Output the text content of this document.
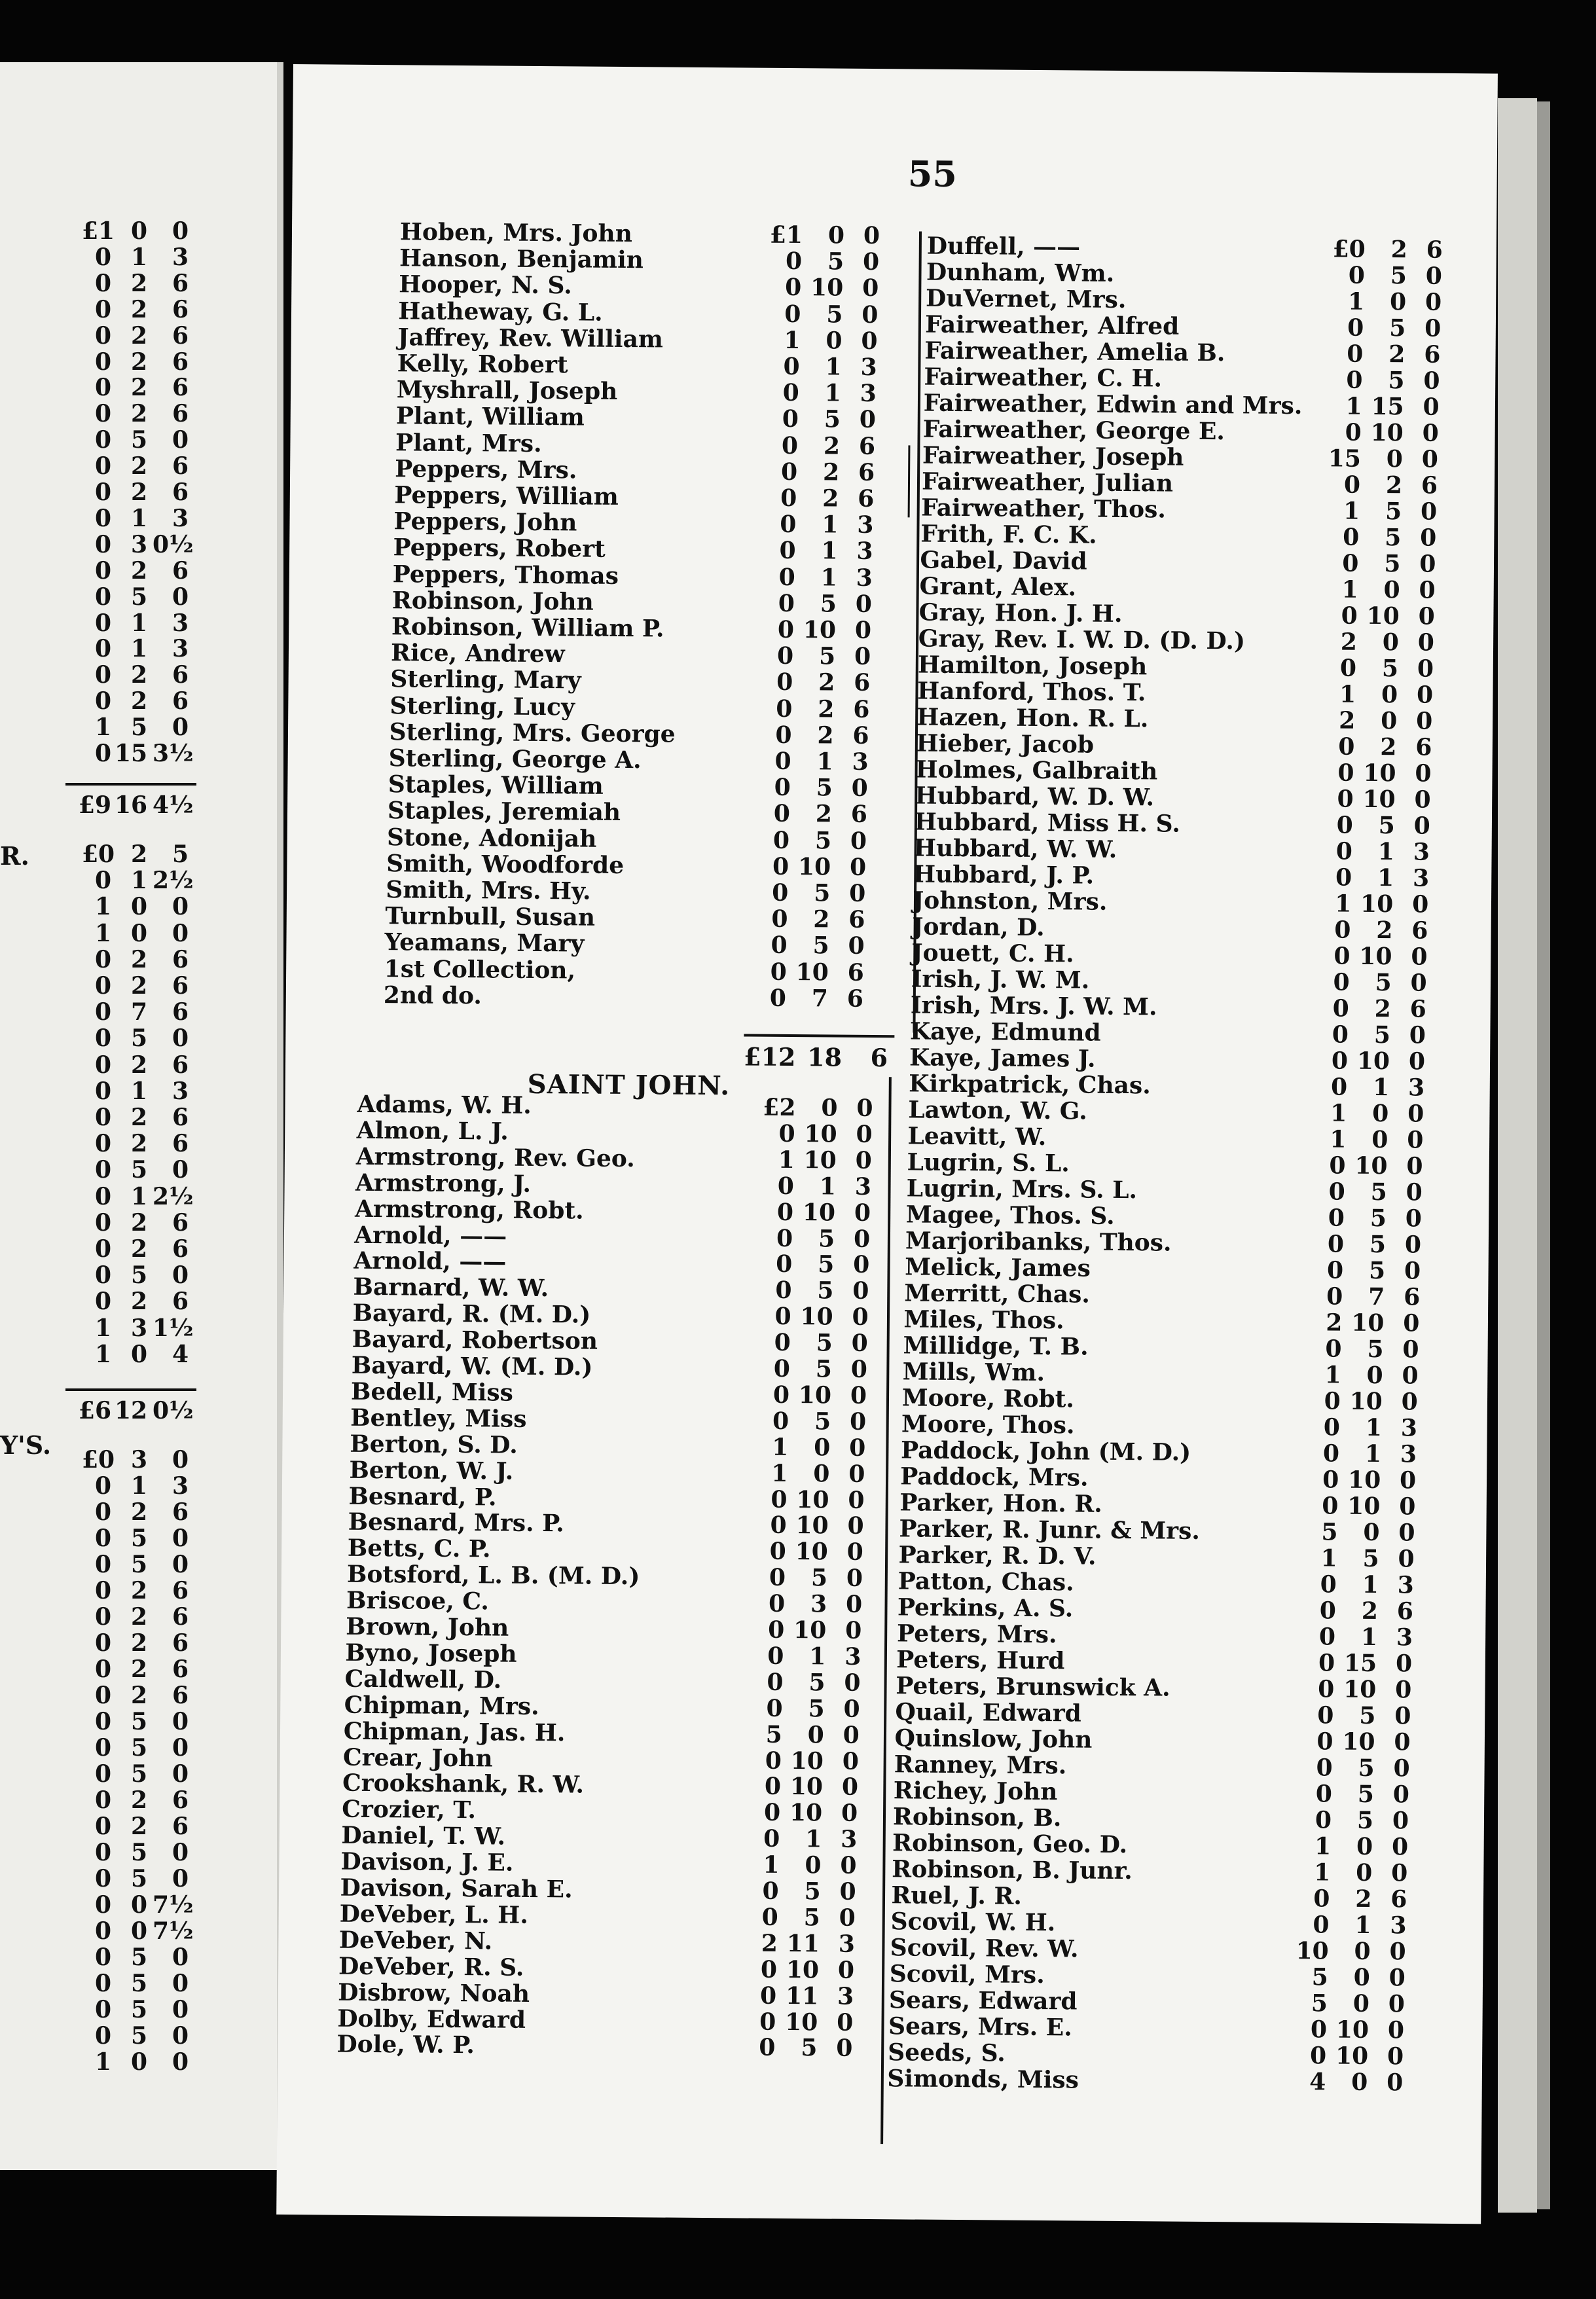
£1 0	0
0 1	3
0 2	6
0 2	6
0 2	6
0 2	6
0 2	6
0 2	6
0 5	0
0 2	6
0 2	6
0 1	3
0 3 0½
0 2	6
0 5	0
0 1	3
0 1	3
0 2	6
0 2	6
1 5	0
0 15 3½
£9 16 4½
£0 2	5
0 1 2½
1 0	0
1 0	0
0 2	6
0 2	6
0 7	6
0 5	0
0 2	6
0 1	3
0 2	6
0 2	6
0 5	0
0 1 2½
0 2	6
0 2	6
0 5	0
0 2	6
1 3 1½
1 0	4
£6 12 0½
£0 3	0
0 1	3
0 2	6
0 5	0
0 5	0
0 2	6
0 2	6
0 2	6
0 2	6
0 2	6
0 5	0
0 5	0
0 5	0
0 2	6
0 2	6
0 5	0
0 5	0
0 0 7½
0 0 7½
0 5	0
0 5	0
0 5	0
0 5	0
1 0	0
R.
Y'S.
55
Hoben, Mrs. John	£1	0 0
Hanson, Benjamin	0	5 0
Hooper, N. S.	0 10 0
Hatheway, G. L.	0	5 0
Jaffrey, Rev. William	1	0 0
Kelly, Robert	0	1 3
Myshrall, Joseph	0	1 3
Plant, William	0	5 0
Plant, Mrs.	0	2 6
Peppers, Mrs.	0	2 6
Peppers, William	0	2 6
Peppers, John	0	1 3
Peppers, Robert	0	1 3
Peppers, Thomas	0	1 3
Robinson, John	0	5 0
Robinson, William P.	0 10 0
Rice, Andrew	0	5 0
Sterling, Mary	0	2 6
Sterling, Lucy	0	2 6
Sterling, Mrs. George	0	2 6
Sterling, George A.	0	1 3
Staples, William	0	5 0
Staples, Jeremiah	0	2 6
Stone, Adonijah	0	5 0
Smith, Woodforde	0 10 0
Smith, Mrs. Hy.	0	5 0
Turnbull, Susan	0	2 6
Yeamans, Mary	0	5 0
1st Collection,	0 10 6
2nd do.	0	7 6
£12 18	6
SAINT JOHN.
Adams, W. H.	£2	0 0
Almon, L. J.	0 10 0
Armstrong, Rev. Geo.	1 10 0
Armstrong, J.	0	1 3
Armstrong, Robt.	0 10 0
Arnold, ——	0	5 0
Arnold, ——	0	5 0
Barnard, W. W.	0	5 0
Bayard, R. (M. D.)	0 10 0
Bayard, Robertson	0	5 0
Bayard, W. (M. D.)	0	5 0
Bedell, Miss	0 10 0
Bentley, Miss	0	5 0
Berton, S. D.	1	0 0
Berton, W. J.	1	0 0
Besnard, P.	0 10 0
Besnard, Mrs. P.	0 10 0
Betts, C. P.	0 10 0
Botsford, L. B. (M. D.)	0	5 0
Briscoe, C.	0	3 0
Brown, John	0 10 0
Byno, Joseph	0	1 3
Caldwell, D.	0	5 0
Chipman, Mrs.	0	5 0
Chipman, Jas. H.	5	0 0
Crear, John	0 10 0
Crookshank, R. W.	0 10 0
Crozier, T.	0 10 0
Daniel, T. W.	0	1 3
Davison, J. E.	1	0 0
Davison, Sarah E.	0	5 0
DeVeber, L. H.	0	5 0
DeVeber, N.	2 11 3
DeVeber, R. S.	0 10 0
Disbrow, Noah	0 11 3
Dolby, Edward	0 10 0
Dole, W. P.	0	5 0
Duffell, ——	£0	2 6
Dunham, Wm.	0	5 0
DuVernet, Mrs.	1	0 0
Fairweather, Alfred	0	5 0
Fairweather, Amelia B.	0	2 6
Fairweather, C. H.	0	5 0
Fairweather, Edwin and Mrs.	1 15 0
Fairweather, George E.	0 10 0
Fairweather, Joseph	15	0 0
Fairweather, Julian	0	2 6
Fairweather, Thos.	1	5 0
Frith, F. C. K.	0	5 0
Gabel, David	0	5 0
Grant, Alex.	1	0 0
Gray, Hon. J. H.	0 10 0
Gray, Rev. I. W. D. (D. D.)	2	0 0
Hamilton, Joseph	0	5 0
Hanford, Thos. T.	1	0 0
Hazen, Hon. R. L.	2	0 0
Hieber, Jacob	0	2 6
Holmes, Galbraith	0 10 0
Hubbard, W. D. W.	0 10 0
Hubbard, Miss H. S.	0	5 0
Hubbard, W. W.	0	1 3
Hubbard, J. P.	0	1 3
Johnston, Mrs.	1 10 0
Jordan, D.	0	2 6
Jouett, C. H.	0 10 0
Irish, J. W. M.	0	5 0
Irish, Mrs. J. W. M.	0	2 6
Kaye, Edmund	0	5 0
Kaye, James J.	0 10 0
Kirkpatrick, Chas.	0	1 3
Lawton, W. G.	1	0 0
Leavitt, W.	1	0 0
Lugrin, S. L.	0 10 0
Lugrin, Mrs. S. L.	0	5 0
Magee, Thos. S.	0	5 0
Marjoribanks, Thos.	0	5 0
Melick, James	0	5 0
Merritt, Chas.	0	7 6
Miles, Thos.	2 10 0
Millidge, T. B.	0	5 0
Mills, Wm.	1	0 0
Moore, Robt.	0 10 0
Moore, Thos.	0	1 3
Paddock, John (M. D.)	0	1 3
Paddock, Mrs.	0 10 0
Parker, Hon. R.	0 10 0
Parker, R. Junr. & Mrs.	5	0 0
Parker, R. D. V.	1	5 0
Patton, Chas.	0	1 3
Perkins, A. S.	0	2 6
Peters, Mrs.	0	1 3
Peters, Hurd	0 15 0
Peters, Brunswick A.	0 10 0
Quail, Edward	0	5 0
Quinslow, John	0 10 0
Ranney, Mrs.	0	5 0
Richey, John	0	5 0
Robinson, B.	0	5 0
Robinson, Geo. D.	1	0 0
Robinson, B. Junr.	1	0 0
Ruel, J. R.	0	2 6
Scovil, W. H.	0	1 3
Scovil, Rev. W.	10	0 0
Scovil, Mrs.	5	0 0
Sears, Edward	5	0 0
Sears, Mrs. E.	0 10 0
Seeds, S.	0 10 0
Simonds, Miss	4	0 0
